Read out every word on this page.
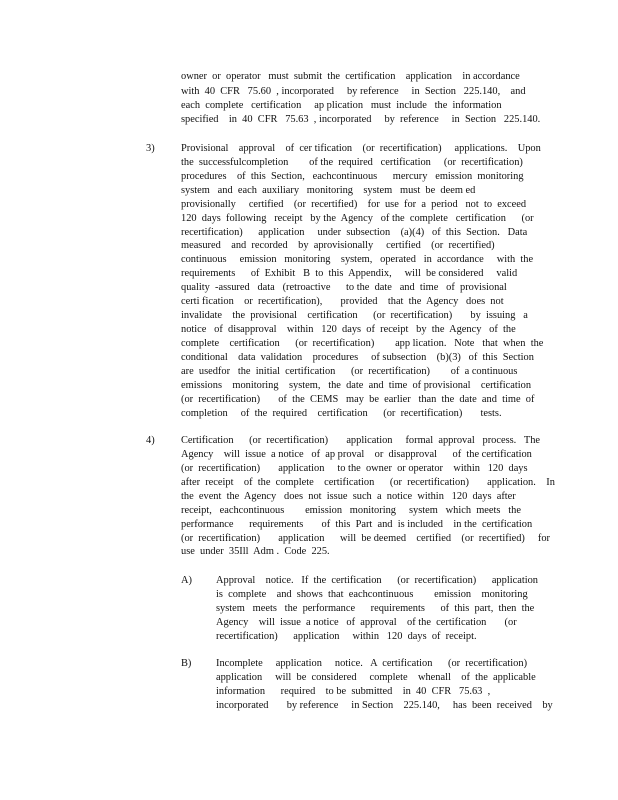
owner  or  operator   must  submit  the  certification    application    in accordance
with  40  CFR   75.60  , incorporated     by reference     in  Section   225.140,    and
each  complete   certification     ap plication   must  include   the  information
specified    in  40  CFR   75.63  , incorporated     by  reference     in  Section   225.140.
3)	Provisional    approval    of  cer tification    (or  recertification)     applications.    Upon
the  successfulcompletion        of the  required   certification     (or  recertification)
procedures    of  this  Section,   eachcontinuous      mercury   emission  monitoring
system   and  each  auxiliary   monitoring    system   must  be  deem ed
provisionally     certified    (or  recertified)    for  use  for  a  period   not  to  exceed
120  days  following   receipt   by the  Agency   of the  complete   certification      (or
recertification)      application     under  subsection    (a)(4)   of  this  Section.   Data
measured    and  recorded    by  aprovisionally     certified    (or  recertified)
continuous     emission   monitoring    system,   operated   in  accordance     with  the
requirements      of  Exhibit   B  to  this  Appendix,     will  be considered     valid
quality  -assured   data   (retroactive      to the  date   and  time   of  provisional
certi fication    or  recertification),       provided    that  the  Agency   does  not
invalidate    the  provisional    certification      (or  recertification)       by  issuing   a
notice   of  disapproval    within   120  days  of  receipt   by  the  Agency   of  the
complete    certification      (or  recertification)        app lication.   Note   that  when  the
conditional    data  validation    procedures     of subsection    (b)(3)   of  this  Section
are  usedfor   the  initial  certification      (or  recertification)        of  a continuous
emissions    monitoring    system,   the  date  and  time  of provisional    certification
(or  recertification)       of  the  CEMS   may  be  earlier   than  the  date  and  time  of
completion     of  the  required    certification      (or  recertification)       tests.
4)	Certification      (or  recertification)       application     formal  approval   process.   The
Agency    will  issue  a notice   of  ap proval    or  disapproval      of  the certification
(or  recertification)       application     to the  owner  or operator    within   120  days
after  receipt    of  the  complete    certification      (or  recertification)       application.    In
the  event  the  Agency   does  not  issue  such  a  notice  within   120  days  after
receipt,   eachcontinuous        emission   monitoring     system   which  meets   the
performance      requirements       of  this  Part  and  is included    in the  certification
(or  recertification)       application      will  be deemed    certified    (or  recertified)     for
use  under  35Ill  Adm .  Code  225.
A) Approval    notice.   If  the  certification      (or  recertification)      application
is  complete    and  shows  that  eachcontinuous        emission    monitoring
system   meets   the  performance      requirements      of  this  part,  then  the
Agency    will  issue  a notice   of  approval    of the  certification       (or
recertification)      application     within   120  days  of  receipt.
B) Incomplete     application     notice.   A  certification      (or  recertification)
application     will  be  considered     complete    whenall    of  the  applicable
information      required    to be  submitted    in  40  CFR   75.63  ,
incorporated       by reference     in Section    225.140,     has  been  received    by
